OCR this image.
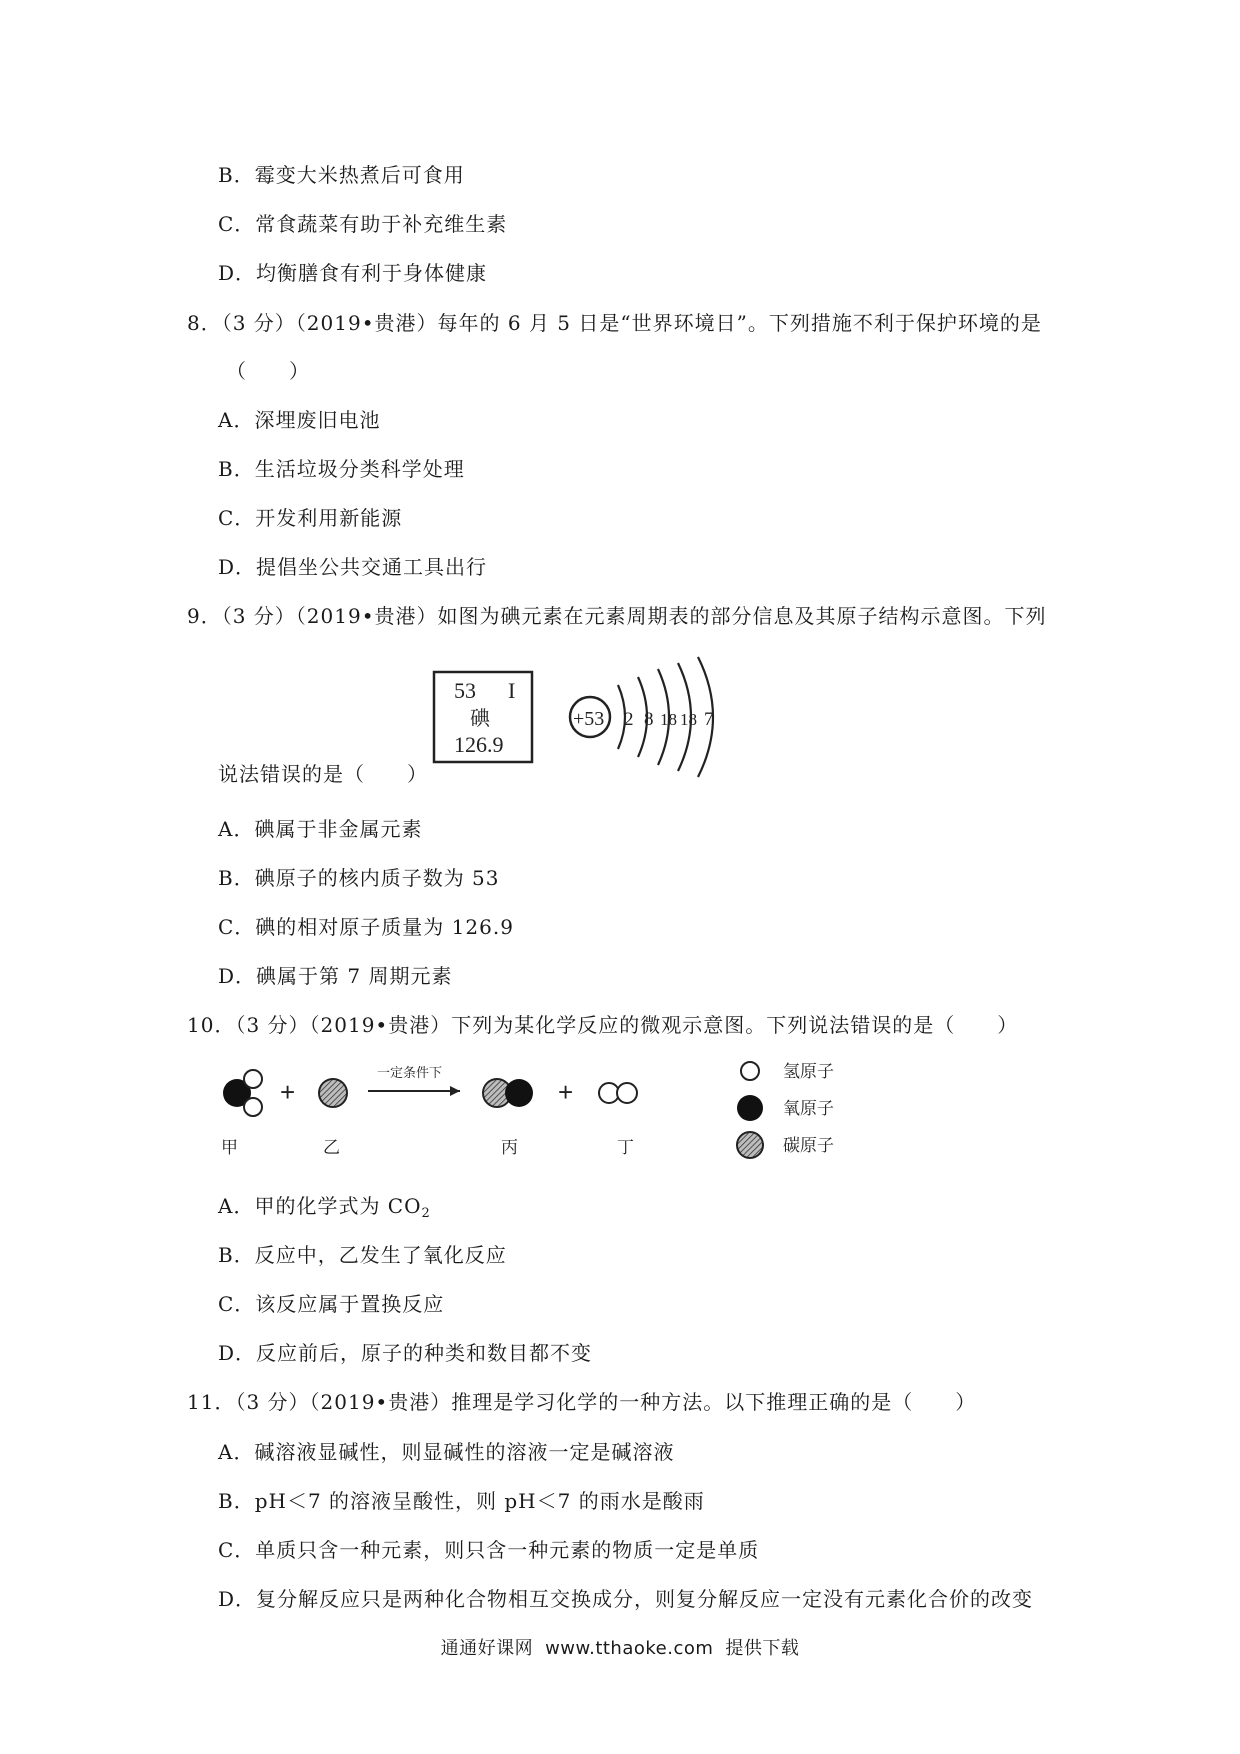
B．霉变大米热煮后可食用
C．常食蔬菜有助于补充维生素
D．均衡膳食有利于身体健康
8．（3 分）（2019•贵港）每年的 6 月 5 日是“世界环境日”。下列措施不利于保护环境的是
（　　）
A．深埋废旧电池
B．生活垃圾分类科学处理
C．开发利用新能源
D．提倡坐公共交通工具出行
9．（3 分）（2019•贵港）如图为碘元素在元素周期表的部分信息及其原子结构示意图。下列
53 I
碘
126.9
+53 2 8 18 18 7
说法错误的是（　　）
A．碘属于非金属元素
B．碘原子的核内质子数为 53
C．碘的相对原子质量为 126.9
D．碘属于第 7 周期元素
10．（3 分）（2019•贵港）下列为某化学反应的微观示意图。下列说法错误的是（　　）
+
一定条件下
+
甲	乙	丙	丁
氢原子
氧原子
碳原子
A．甲的化学式为 $CO_2$
B．反应中，乙发生了氧化反应
C．该反应属于置换反应
D．反应前后，原子的种类和数目都不变
11．（3 分）（2019•贵港）推理是学习化学的一种方法。以下推理正确的是（　　）
A．碱溶液显碱性，则显碱性的溶液一定是碱溶液
B．pH＜7 的溶液呈酸性，则 pH＜7 的雨水是酸雨
C．单质只含一种元素，则只含一种元素的物质一定是单质
D．复分解反应只是两种化合物相互交换成分，则复分解反应一定没有元素化合价的改变
通通好课网 www.tthaoke.com 提供下载
